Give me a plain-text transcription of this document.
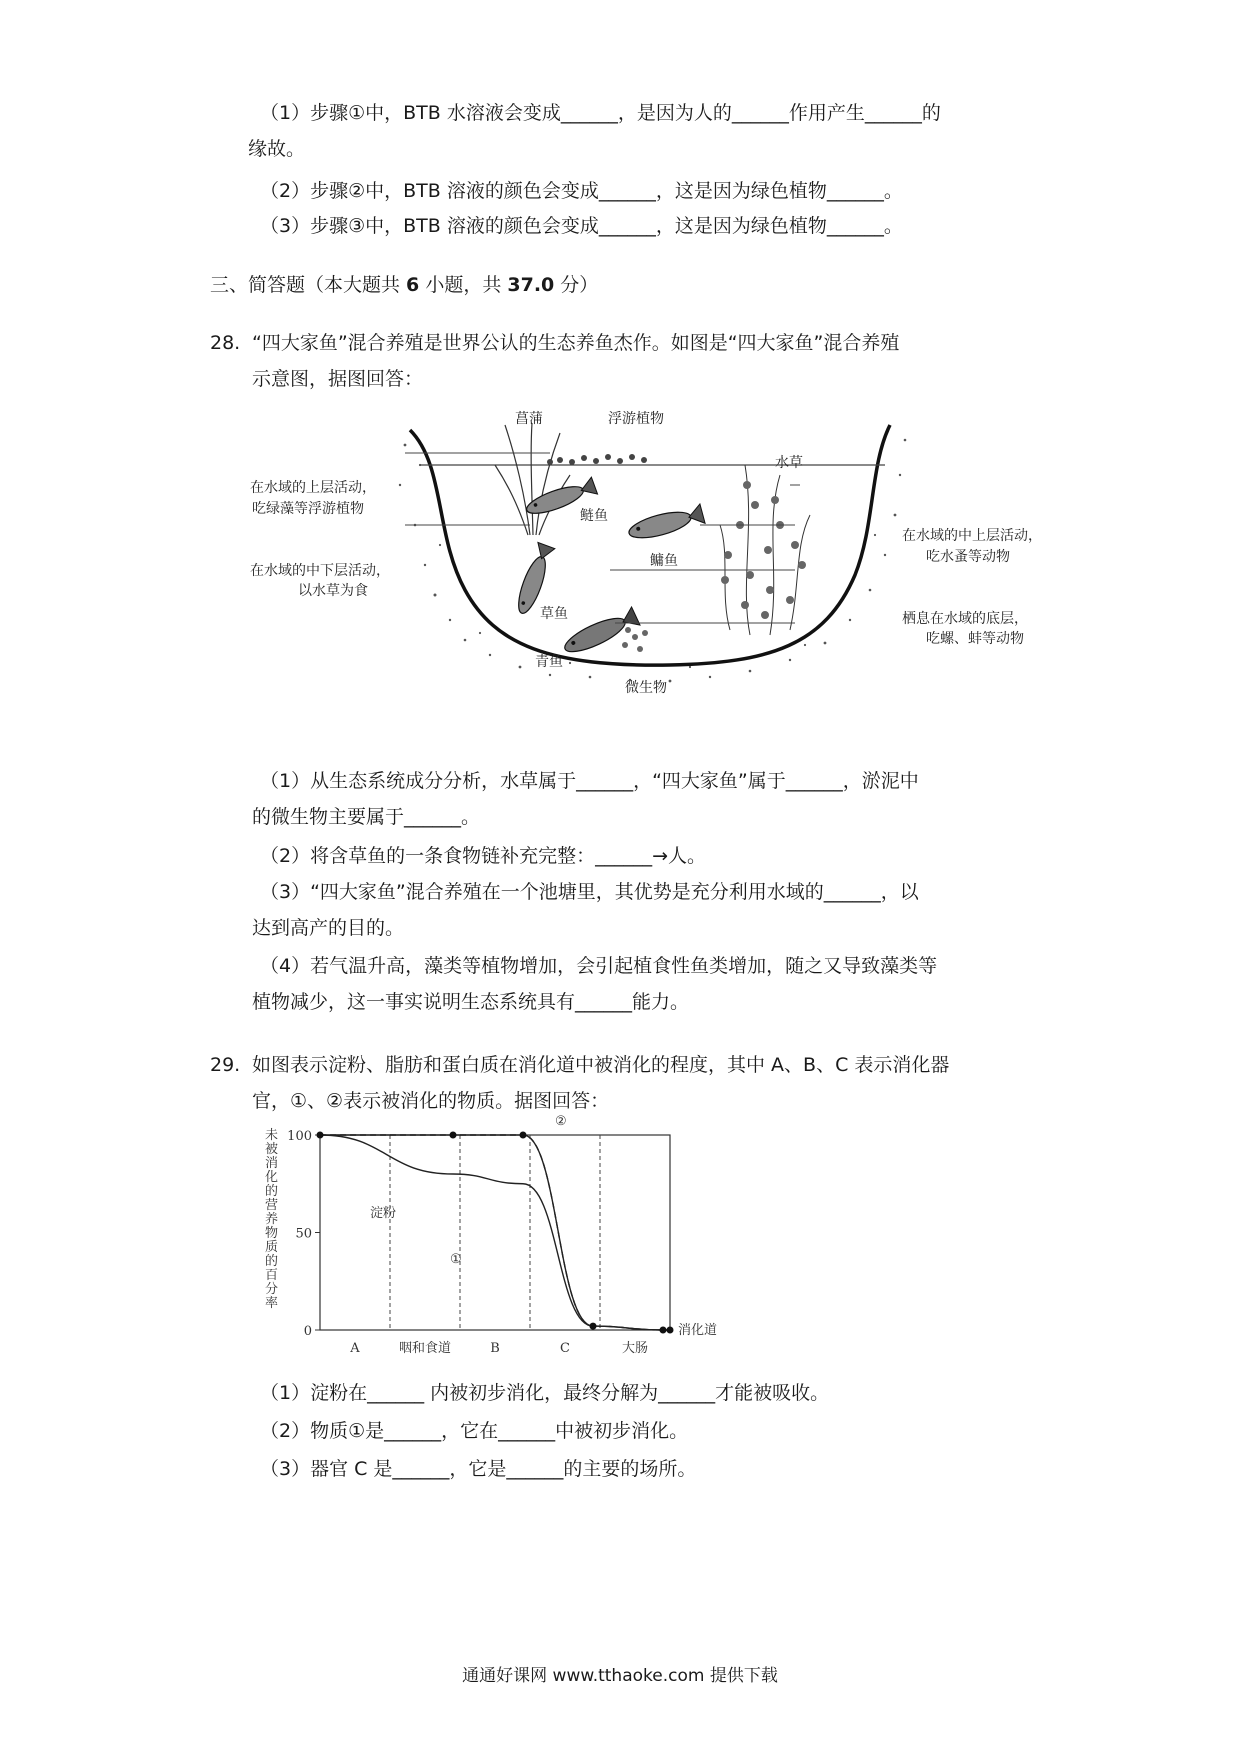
（1）步骤①中，BTB 水溶液会变成______，是因为人的______作用产生______的
缘故。
（2）步骤②中，BTB 溶液的颜色会变成______，这是因为绿色植物______。
（3）步骤③中，BTB 溶液的颜色会变成______，这是因为绿色植物______。
三、简答题（本大题共 6 小题，共 37.0 分）
28. “四大家鱼”混合养殖是世界公认的生态养鱼杰作。如图是“四大家鱼”混合养殖
示意图，据图回答：
菖蒲	浮游植物
水草
鲢鱼
鳙鱼
草鱼
青鱼
微生物
在水域的上层活动，
吃绿藻等浮游植物
在水域的中下层活动，
以水草为食
在水域的中上层活动，
吃水蚤等动物
栖息在水域的底层，
吃螺、蚌等动物
（1）从生态系统成分分析，水草属于______，“四大家鱼”属于______，淤泥中
的微生物主要属于______。
（2）将含草鱼的一条食物链补充完整：______→人。
（3）“四大家鱼”混合养殖在一个池塘里，其优势是充分利用水域的______，以
达到高产的目的。
（4）若气温升高，藻类等植物增加，会引起植食性鱼类增加，随之又导致藻类等
植物减少，这一事实说明生态系统具有______能力。
29. 如图表示淀粉、脂肪和蛋白质在消化道中被消化的程度，其中 A、B、C 表示消化器
官，①、②表示被消化的物质。据图回答：
100
50
0
未
被
消
化
的
营
养
物
质
的
百
分
率
A	咽和食道	B	C	大肠
消化道
淀粉
①
②
（1）淀粉在______ 内被初步消化，最终分解为______才能被吸收。
（2）物质①是______，它在______中被初步消化。
（3）器官 C 是______，它是______的主要的场所。
通通好课网 www.tthaoke.com 提供下载
